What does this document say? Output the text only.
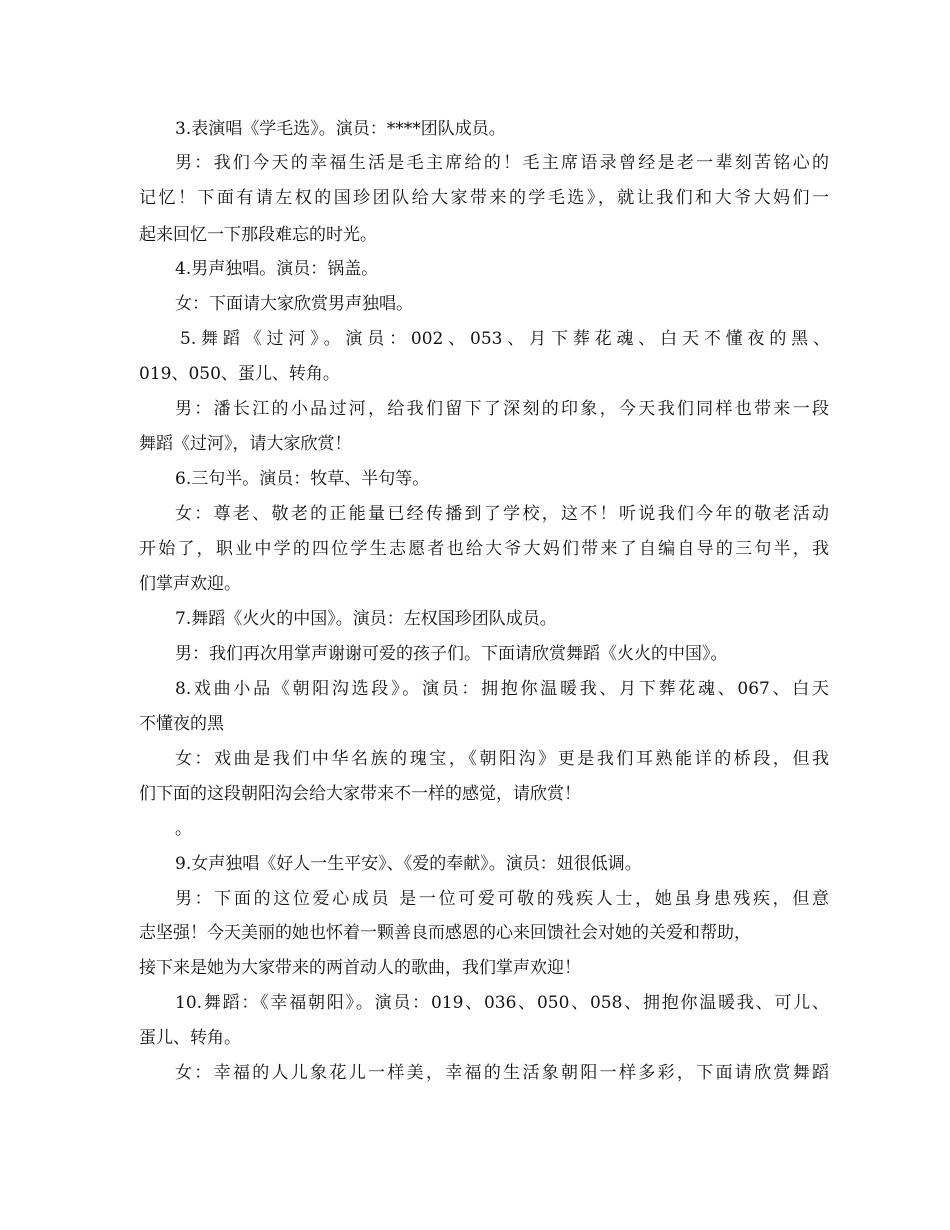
3.表演唱《学毛选》。演员：****团队成员。
男：我们今天的幸福生活是毛主席给的！毛主席语录曾经是老一辈刻苦铭心的
记忆！下面有请左权的国珍团队给大家带来的学毛选》，就让我们和大爷大妈们一
起来回忆一下那段难忘的时光。
4.男声独唱。演员：锅盖。
女：下面请大家欣赏男声独唱。
5.舞蹈《过河》。演员：002、053、月下葬花魂、白天不懂夜的黑、
019、050、蛋儿、转角。
男：潘长江的小品过河，给我们留下了深刻的印象，今天我们同样也带来一段
舞蹈《过河》，请大家欣赏！
6.三句半。演员：牧草、半句等。
女：尊老、敬老的正能量已经传播到了学校，这不！听说我们今年的敬老活动
开始了，职业中学的四位学生志愿者也给大爷大妈们带来了自编自导的三句半，我
们掌声欢迎。
7.舞蹈《火火的中国》。演员：左权国珍团队成员。
男：我们再次用掌声谢谢可爱的孩子们。下面请欣赏舞蹈《火火的中国》。
8.戏曲小品《朝阳沟选段》。演员：拥抱你温暖我、月下葬花魂、067、白天
不懂夜的黑
女：戏曲是我们中华名族的瑰宝，《朝阳沟》更是我们耳熟能详的桥段，但我
们下面的这段朝阳沟会给大家带来不一样的感觉，请欣赏！
。
9.女声独唱《好人一生平安》、《爱的奉献》。演员：妞很低调。
男：下面的这位爱心成员 是一位可爱可敬的残疾人士，她虽身患残疾，但意
志坚强！今天美丽的她也怀着一颗善良而感恩的心来回馈社会对她的关爱和帮助，
接下来是她为大家带来的两首动人的歌曲，我们掌声欢迎！
10.舞蹈：《幸福朝阳》。演员：019、036、050、058、拥抱你温暖我、可儿、
蛋儿、转角。
女：幸福的人儿象花儿一样美，幸福的生活象朝阳一样多彩，下面请欣赏舞蹈
